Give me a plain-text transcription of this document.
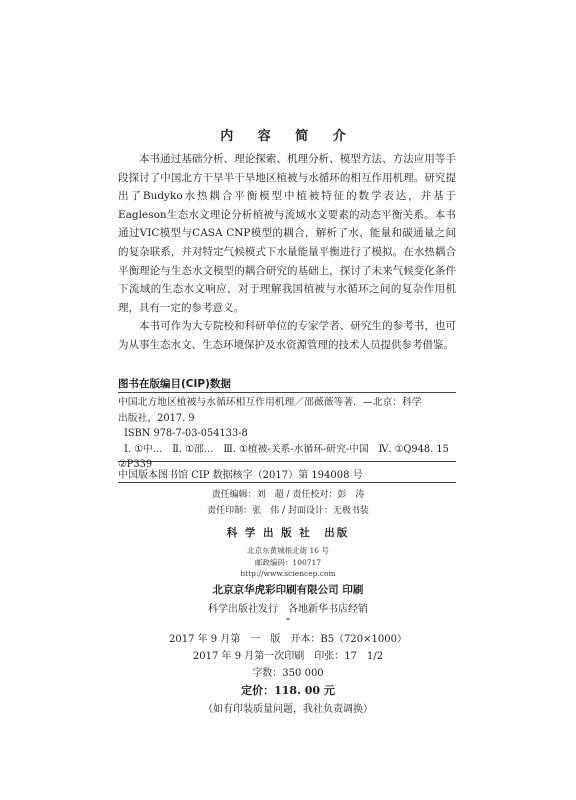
内 容 简 介

本书通过基础分析、理论探索、机理分析、模型方法、方法应用等手段探讨了中国北方干旱半干旱地区植被与水循环的相互作用机理。研究提出了Budyko水热耦合平衡模型中植被特征的数学表达，并基于Eagleson生态水文理论分析植被与流域水文要素的动态平衡关系。本书通过VIC模型与CASA CNP模型的耦合，解析了水、能量和碳通量之间的复杂联系，并对特定气候模式下水量能量平衡进行了模拟。在水热耦合平衡理论与生态水文模型的耦合研究的基础上，探讨了未来气候变化条件下流域的生态水文响应，对于理解我国植被与水循环之间的复杂作用机理，具有一定的参考意义。

本书可作为大专院校和科研单位的专家学者、研究生的参考书，也可为从事生态水文、生态环境保护及水资源管理的技术人员提供参考借鉴。

图书在版编目(CIP)数据
中国北方地区植被与水循环相互作用机理／邵薇薇等著．—北京：科学
出版社，2017. 9
ISBN 978-7-03-054133-8
Ⅰ. ①中…　Ⅱ. ①邵…　Ⅲ. ①植被-关系-水循环-研究-中国　Ⅳ. ①Q948. 15
②P339
中国版本图书馆 CIP 数据核字（2017）第 194008 号
责任编辑：刘　超 / 责任校对：彭　涛
责任印制：张　伟 / 封面设计：无极书装
科 学 出 版 社　出版
北京东黄城根北街 16 号
邮政编码：100717
http://www.sciencep.com
北京京华虎彩印刷有限公司 印刷
科学出版社发行　各地新华书店经销
*
2017 年 9 月第　一　版　开本：B5（720×1000）
2017 年 9 月第一次印刷　印张：17　1/2
字数：350 000
定价：118. 00 元
（如有印装质量问题，我社负责调换）
